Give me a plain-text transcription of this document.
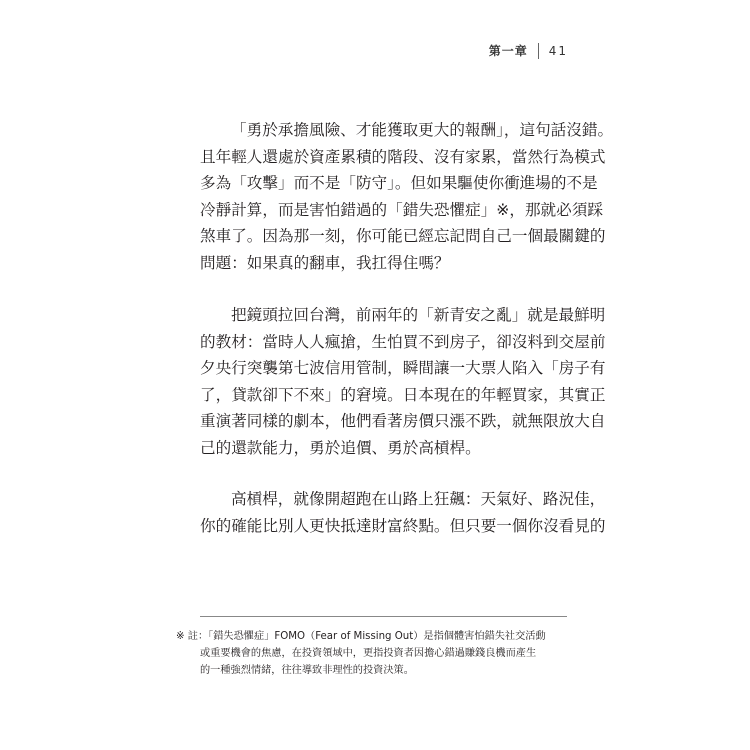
第一章 41
「勇於承擔風險、才能獲取更大的報酬」，這句話沒錯。
且年輕人還處於資產累積的階段、沒有家累，當然行為模式
多為「攻擊」而不是「防守」。但如果驅使你衝進場的不是
冷靜計算，而是害怕錯過的「錯失恐懼症」※，那就必須踩
煞車了。因為那一刻，你可能已經忘記問自己一個最關鍵的
問題：如果真的翻車，我扛得住嗎？
把鏡頭拉回台灣，前兩年的「新青安之亂」就是最鮮明
的教材：當時人人瘋搶，生怕買不到房子，卻沒料到交屋前
夕央行突襲第七波信用管制，瞬間讓一大票人陷入「房子有
了，貸款卻下不來」的窘境。日本現在的年輕買家，其實正
重演著同樣的劇本，他們看著房價只漲不跌，就無限放大自
己的還款能力，勇於追價、勇於高槓桿。
高槓桿，就像開超跑在山路上狂飆：天氣好、路況佳，
你的確能比別人更快抵達財富終點。但只要一個你沒看見的
※ 註：「錯失恐懼症」FOMO（Fear of Missing Out）是指個體害怕錯失社交活動
或重要機會的焦慮，在投資領域中，更指投資者因擔心錯過賺錢良機而產生
的一種強烈情緒，往往導致非理性的投資決策。
